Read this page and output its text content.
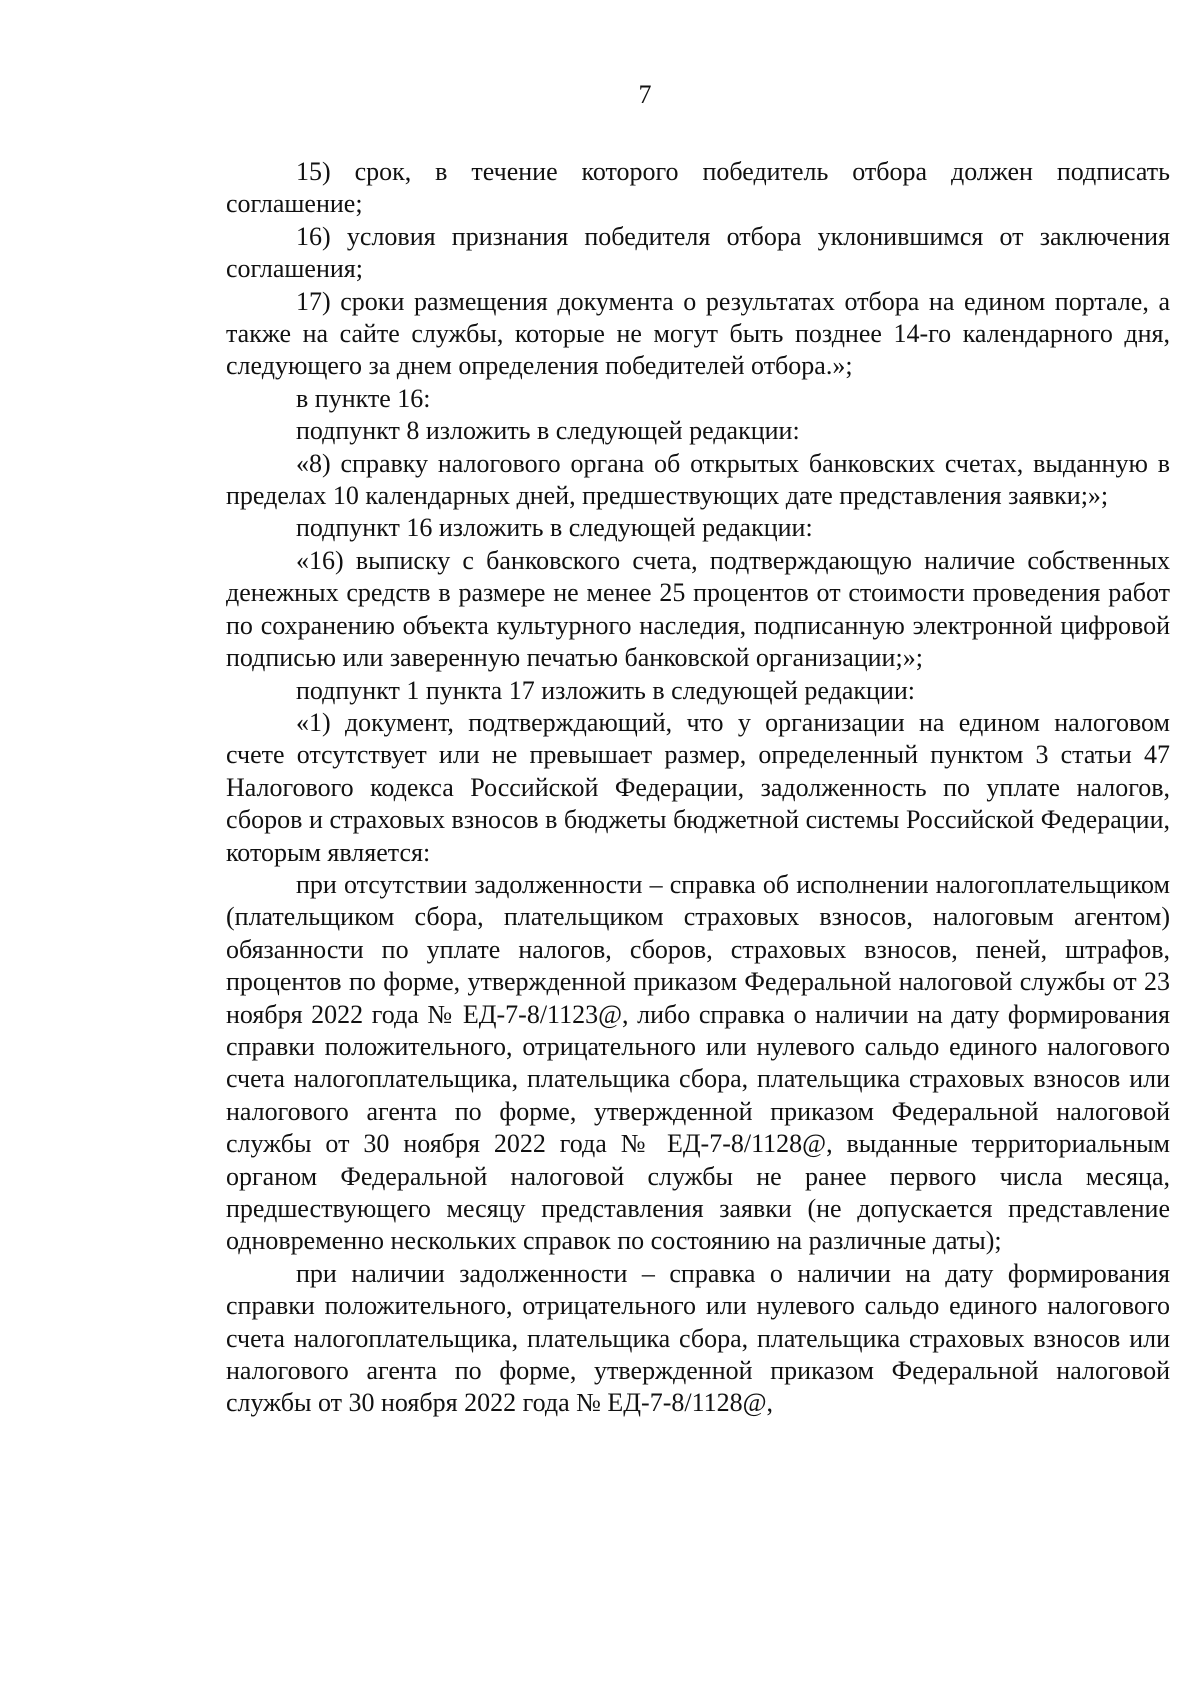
7

15) срок, в течение которого победитель отбора должен подписать соглашение;

16) условия признания победителя отбора уклонившимся от заключения соглашения;

17) сроки размещения документа о результатах отбора на едином портале, а также на сайте службы, которые не могут быть позднее 14-го календарного дня, следующего за днем определения победителей отбора.»;

в пункте 16:

подпункт 8 изложить в следующей редакции:

«8) справку налогового органа об открытых банковских счетах, выданную в пределах 10 календарных дней, предшествующих дате представления заявки;»;

подпункт 16 изложить в следующей редакции:

«16) выписку с банковского счета, подтверждающую наличие собственных денежных средств в размере не менее 25 процентов от стоимости проведения работ по сохранению объекта культурного наследия, подписанную электронной цифровой подписью или заверенную печатью банковской организации;»;

подпункт 1 пункта 17 изложить в следующей редакции:

«1) документ, подтверждающий, что у организации на едином налоговом счете отсутствует или не превышает размер, определенный пунктом 3 статьи 47 Налогового кодекса Российской Федерации, задолженность по уплате налогов, сборов и страховых взносов в бюджеты бюджетной системы Российской Федерации, которым является:

при отсутствии задолженности – справка об исполнении налогоплательщиком (плательщиком сбора, плательщиком страховых взносов, налоговым агентом) обязанности по уплате налогов, сборов, страховых взносов, пеней, штрафов, процентов по форме, утвержденной приказом Федеральной налоговой службы от 23 ноября 2022 года № ЕД-7-8/1123@, либо справка о наличии на дату формирования справки положительного, отрицательного или нулевого сальдо единого налогового счета налогоплательщика, плательщика сбора, плательщика страховых взносов или налогового агента по форме, утвержденной приказом Федеральной налоговой службы от 30 ноября 2022 года № ЕД-7-8/1128@, выданные территориальным органом Федеральной налоговой службы не ранее первого числа месяца, предшествующего месяцу представления заявки (не допускается представление одновременно нескольких справок по состоянию на различные даты);

при наличии задолженности – справка о наличии на дату формирования справки положительного, отрицательного или нулевого сальдо единого налогового счета налогоплательщика, плательщика сбора, плательщика страховых взносов или налогового агента по форме, утвержденной приказом Федеральной налоговой службы от 30 ноября 2022 года № ЕД-7-8/1128@,
